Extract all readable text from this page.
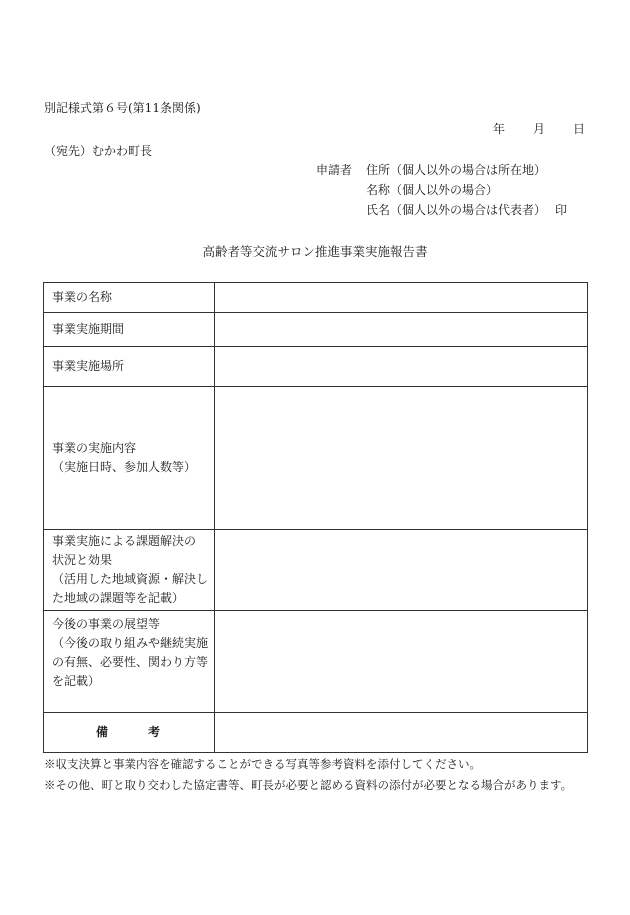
別記様式第６号(第11条関係)
年 月 日
（宛先）むかわ町長
申請者 住所（個人以外の場合は所在地）
名称（個人以外の場合）
氏名（個人以外の場合は代表者） 印
高齢者等交流サロン推進事業実施報告書
事業の名称	

事業実施期間	

事業実施場所	

事業の実施内容
（実施日時、参加人数等）	

事業実施による課題解決の
状況と効果
（活用した地域資源・解決し
た地域の課題等を記載）	

今後の事業の展望等
（今後の取り組みや継続実施
の有無、必要性、関わり方等
を記載）	

備 考	
※収支決算と事業内容を確認することができる写真等参考資料を添付してください。
※その他、町と取り交わした協定書等、町長が必要と認める資料の添付が必要となる場合があります。
